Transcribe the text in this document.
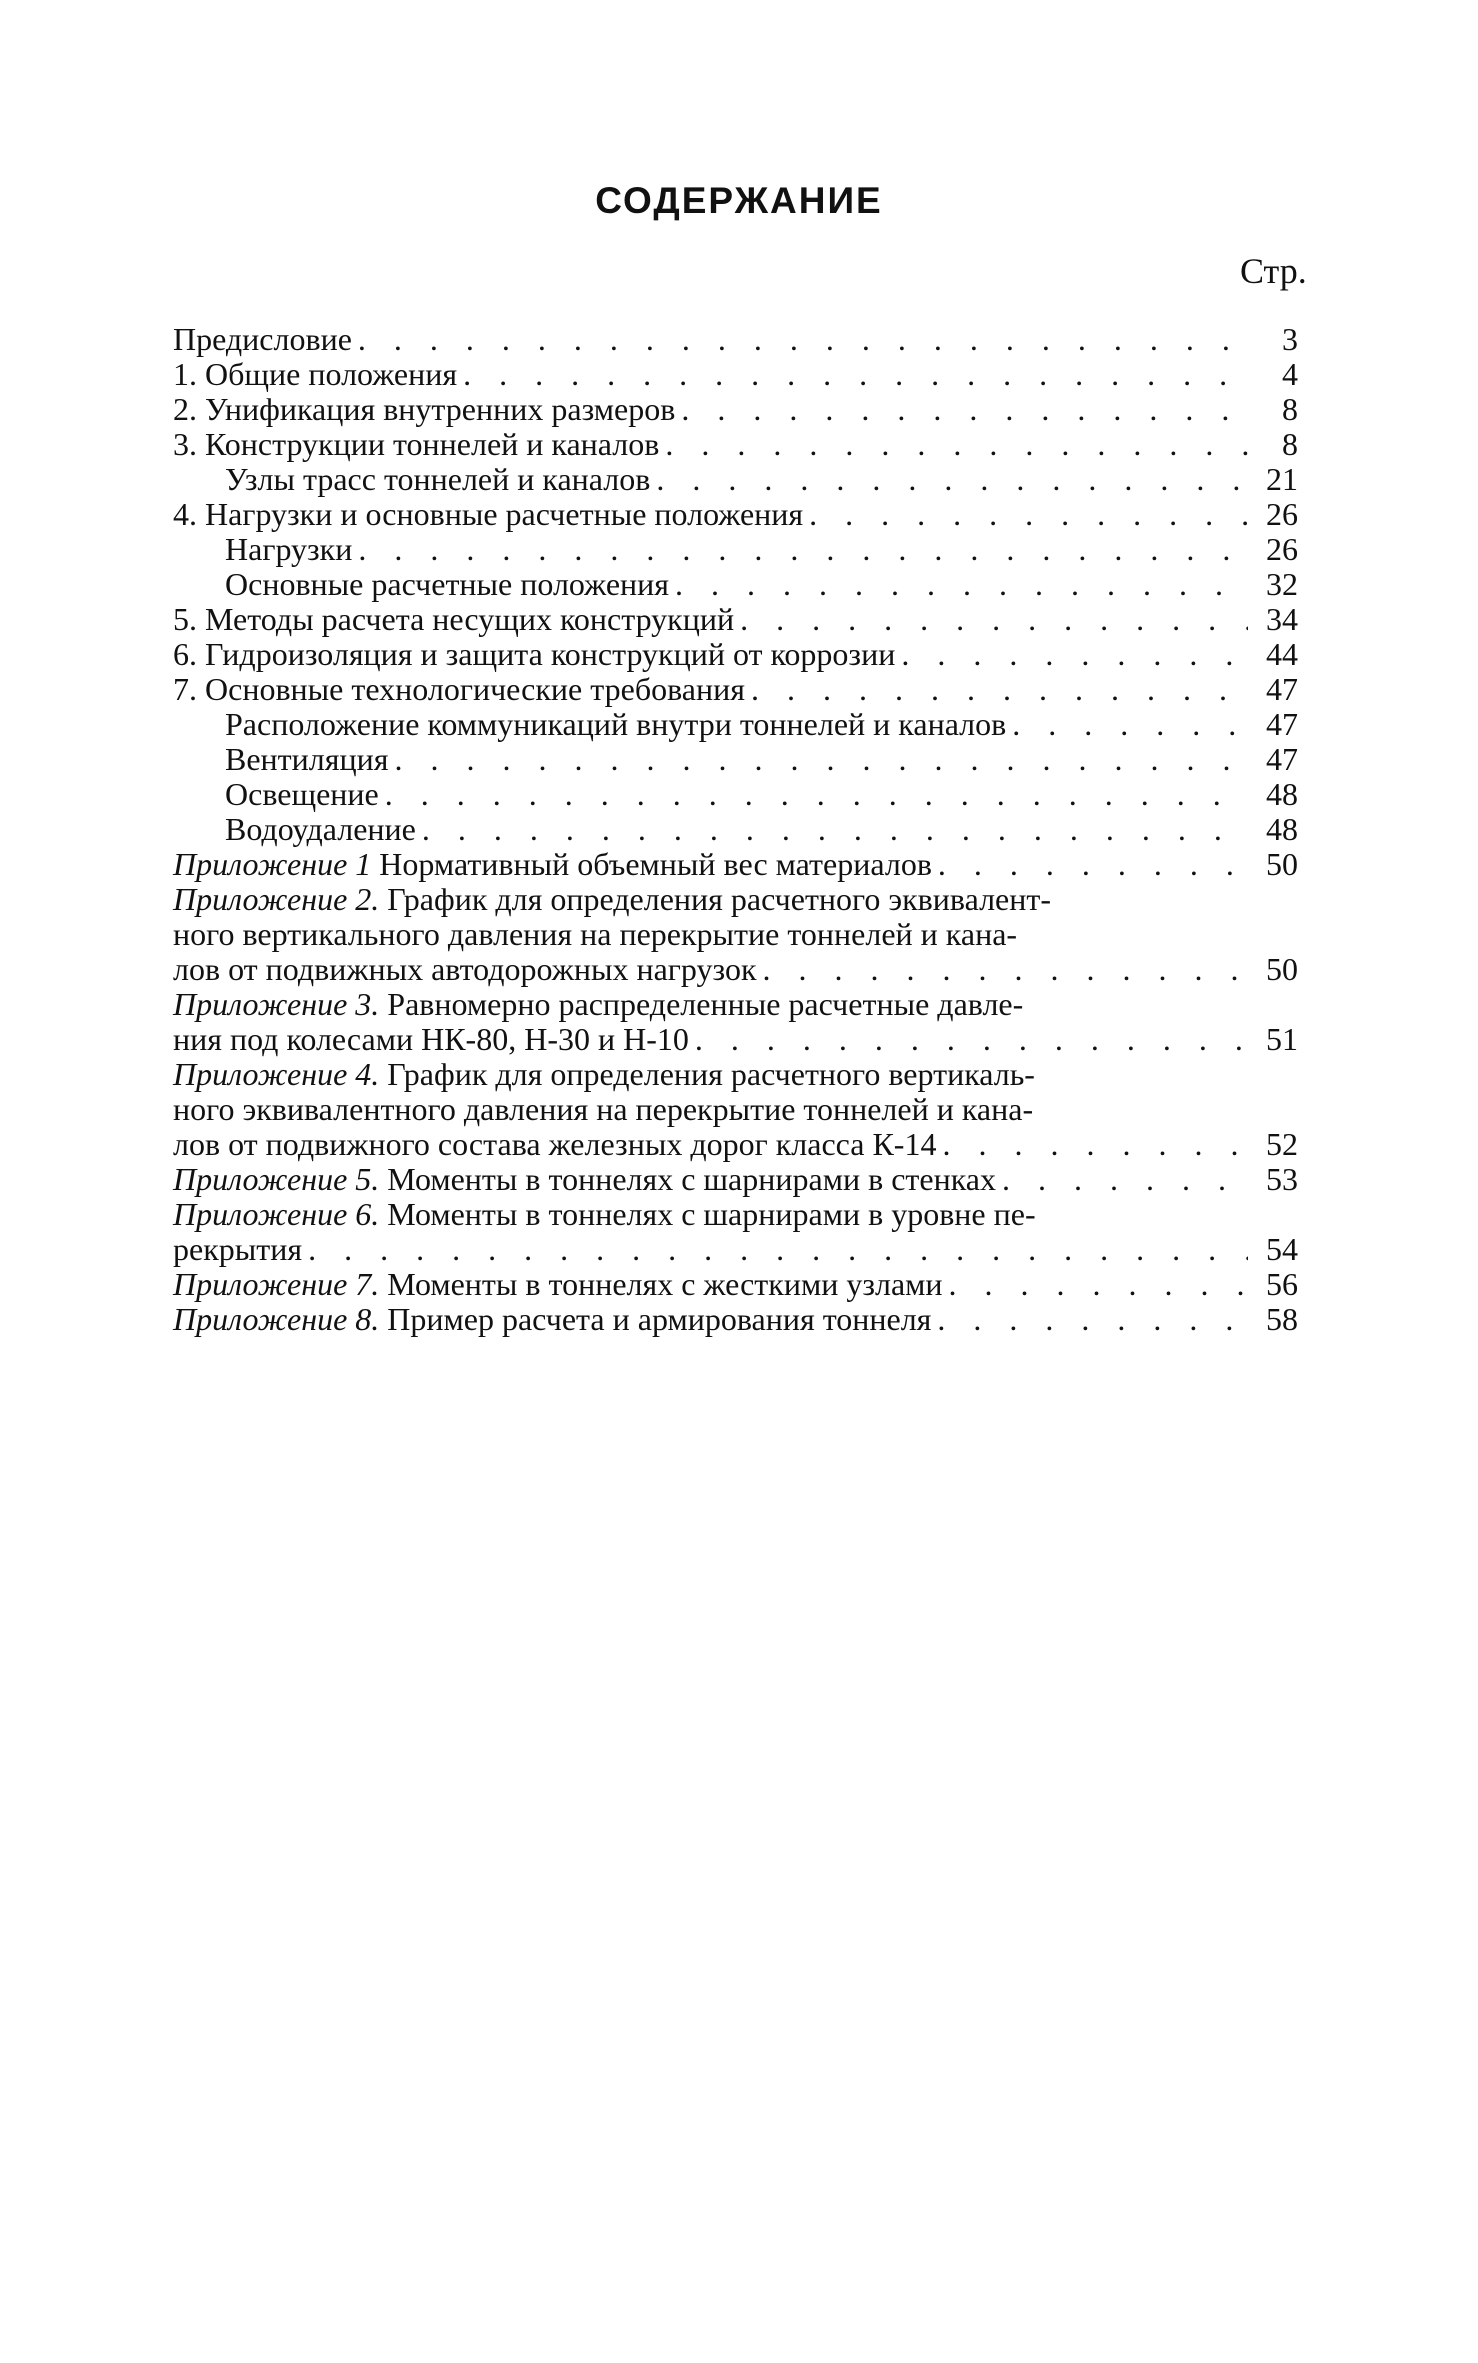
СОДЕРЖАНИЕ
Стр.
Предисловие . . .	3
1. Общие положения . . .	4
2. Унификация внутренних размеров . . .	8
3. Конструкции тоннелей и каналов . . .	8
Узлы трасс тоннелей и каналов . . .	21
4. Нагрузки и основные расчетные положения . . .	26
Нагрузки . . .	26
Основные расчетные положения . . .	32
5. Методы расчета несущих конструкций . . .	34
6. Гидроизоляция и защита конструкций от коррозии . . .	44
7. Основные технологические требования . . .	47
Расположение коммуникаций внутри тоннелей и каналов . . .	47
Вентиляция . . .	47
Освещение . . .	48
Водоудаление . . .	48
Приложение 1 Нормативный объемный вес материалов . . .	50
Приложение 2. График для определения расчетного эквивалент-
ного вертикального давления на перекрытие тоннелей и кана-
лов от подвижных автодорожных нагрузок . . .	50
Приложение 3. Равномерно распределенные расчетные давле-
ния под колесами НК-80, Н-30 и Н-10 . . .	51
Приложение 4. График для определения расчетного вертикаль-
ного эквивалентного давления на перекрытие тоннелей и кана-
лов от подвижного состава железных дорог класса К-14 . . .	52
Приложение 5. Моменты в тоннелях с шарнирами в стенках . . .	53
Приложение 6. Моменты в тоннелях с шарнирами в уровне пе-
рекрытия . . .	54
Приложение 7. Моменты в тоннелях с жесткими узлами . . .	56
Приложение 8. Пример расчета и армирования тоннеля . . .	58
